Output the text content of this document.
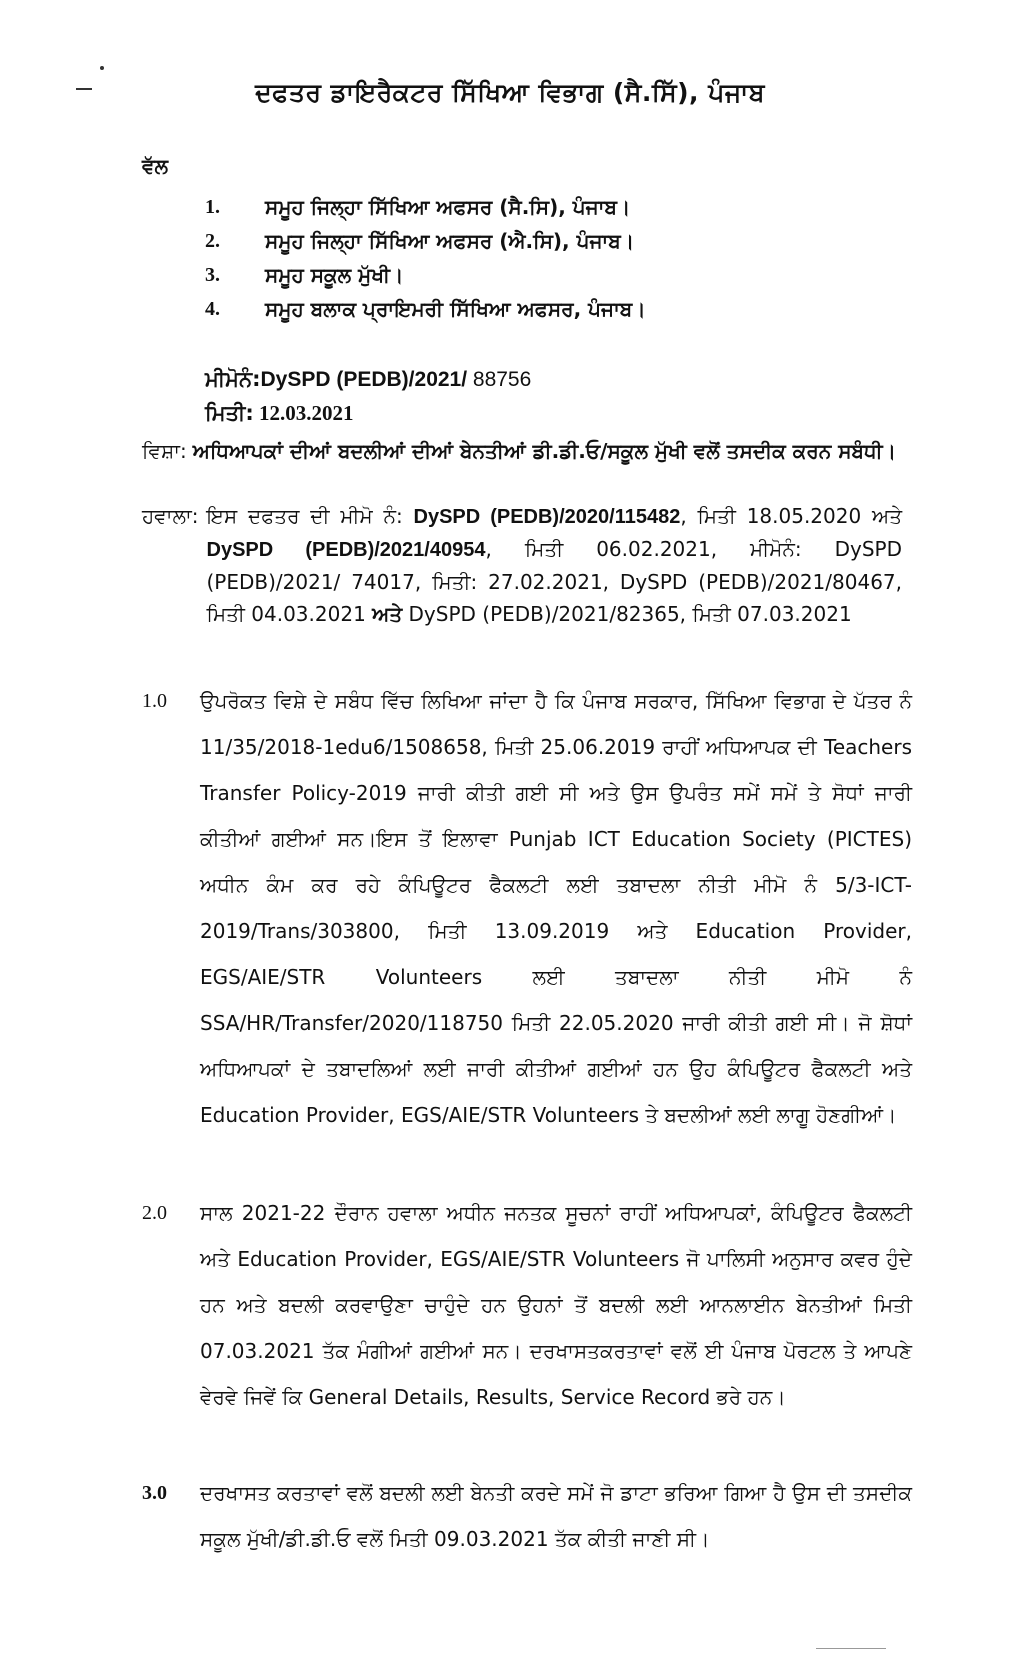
ਦਫਤਰ ਡਾਇਰੈਕਟਰ ਸਿੱਖਿਆ ਵਿਭਾਗ (ਸੈ.ਸਿੱ), ਪੰਜਾਬ
ਵੱਲ
1.	ਸਮੂਹ ਜਿਲ੍ਹਾ ਸਿੱਖਿਆ ਅਫਸਰ (ਸੈ.ਸਿ), ਪੰਜਾਬ।
2.	ਸਮੂਹ ਜਿਲ੍ਹਾ ਸਿੱਖਿਆ ਅਫਸਰ (ਐ.ਸਿ), ਪੰਜਾਬ।
3.	ਸਮੂਹ ਸਕੂਲ ਮੁੱਖੀ।
4.	ਸਮੂਹ ਬਲਾਕ ਪ੍ਰਾਇਮਰੀ ਸਿੱਖਿਆ ਅਫਸਰ, ਪੰਜਾਬ।
ਮੀਮੋਨੰ:DySPD (PEDB)/2021/ 88756
ਮਿਤੀ: 12.03.2021
ਵਿਸ਼ਾ: ਅਧਿਆਪਕਾਂ ਦੀਆਂ ਬਦਲੀਆਂ ਦੀਆਂ ਬੇਨਤੀਆਂ ਡੀ.ਡੀ.ਓ/ਸਕੂਲ ਮੁੱਖੀ ਵਲੋਂ ਤਸਦੀਕ ਕਰਨ ਸਬੰਧੀ।
ਹਵਾਲਾ: ਇਸ ਦਫਤਰ ਦੀ ਮੀਮੋ ਨੰ: DySPD (PEDB)/2020/115482, ਮਿਤੀ 18.05.2020 ਅਤੇ DySPD (PEDB)/2021/40954, ਮਿਤੀ 06.02.2021, ਮੀਮੋਨੰ: DySPD (PEDB)/2021/ 74017, ਮਿਤੀ: 27.02.2021, DySPD (PEDB)/2021/80467, ਮਿਤੀ 04.03.2021 ਅਤੇ DySPD (PEDB)/2021/82365, ਮਿਤੀ 07.03.2021
1.0	ਉਪਰੋਕਤ ਵਿਸ਼ੇ ਦੇ ਸਬੰਧ ਵਿੱਚ ਲਿਖਿਆ ਜਾਂਦਾ ਹੈ ਕਿ ਪੰਜਾਬ ਸਰਕਾਰ, ਸਿੱਖਿਆ ਵਿਭਾਗ ਦੇ ਪੱਤਰ ਨੰ 11/35/2018-1edu6/1508658, ਮਿਤੀ 25.06.2019 ਰਾਹੀਂ ਅਧਿਆਪਕ ਦੀ Teachers Transfer Policy-2019 ਜਾਰੀ ਕੀਤੀ ਗਈ ਸੀ ਅਤੇ ਉਸ ਉਪਰੰਤ ਸਮੇਂ ਸਮੇਂ ਤੇ ਸੋਧਾਂ ਜਾਰੀ ਕੀਤੀਆਂ ਗਈਆਂ ਸਨ।ਇਸ ਤੋਂ ਇਲਾਵਾ Punjab ICT Education Society (PICTES) ਅਧੀਨ ਕੰਮ ਕਰ ਰਹੇ ਕੰਪਿਊਟਰ ਫੈਕਲਟੀ ਲਈ ਤਬਾਦਲਾ ਨੀਤੀ ਮੀਮੋ ਨੰ 5/3-ICT-2019/Trans/303800, ਮਿਤੀ 13.09.2019 ਅਤੇ Education Provider, EGS/AIE/STR Volunteers ਲਈ ਤਬਾਦਲਾ ਨੀਤੀ ਮੀਮੋ ਨੰ SSA/HR/Transfer/2020/118750 ਮਿਤੀ 22.05.2020 ਜਾਰੀ ਕੀਤੀ ਗਈ ਸੀ। ਜੋ ਸ਼ੋਧਾਂ ਅਧਿਆਪਕਾਂ ਦੇ ਤਬਾਦਲਿਆਂ ਲਈ ਜਾਰੀ ਕੀਤੀਆਂ ਗਈਆਂ ਹਨ ਉਹ ਕੰਪਿਊਟਰ ਫੈਕਲਟੀ ਅਤੇ Education Provider, EGS/AIE/STR Volunteers ਤੇ ਬਦਲੀਆਂ ਲਈ ਲਾਗੂ ਹੋਣਗੀਆਂ।
2.0	ਸਾਲ 2021-22 ਦੌਰਾਨ ਹਵਾਲਾ ਅਧੀਨ ਜਨਤਕ ਸੂਚਨਾਂ ਰਾਹੀਂ ਅਧਿਆਪਕਾਂ, ਕੰਪਿਊਟਰ ਫੈਕਲਟੀ ਅਤੇ Education Provider, EGS/AIE/STR Volunteers ਜੋ ਪਾਲਿਸੀ ਅਨੁਸਾਰ ਕਵਰ ਹੁੰਦੇ ਹਨ ਅਤੇ ਬਦਲੀ ਕਰਵਾਉਣਾ ਚਾਹੁੰਦੇ ਹਨ ਉਹਨਾਂ ਤੋਂ ਬਦਲੀ ਲਈ ਆਨਲਾਈਨ ਬੇਨਤੀਆਂ ਮਿਤੀ 07.03.2021 ਤੱਕ ਮੰਗੀਆਂ ਗਈਆਂ ਸਨ। ਦਰਖਾਸਤਕਰਤਾਵਾਂ ਵਲੋਂ ਈ ਪੰਜਾਬ ਪੋਰਟਲ ਤੇ ਆਪਣੇ ਵੇਰਵੇ ਜਿਵੇਂ ਕਿ General Details, Results, Service Record ਭਰੇ ਹਨ।
3.0	ਦਰਖਾਸਤ ਕਰਤਾਵਾਂ ਵਲੋਂ ਬਦਲੀ ਲਈ ਬੇਨਤੀ ਕਰਦੇ ਸਮੇਂ ਜੋ ਡਾਟਾ ਭਰਿਆ ਗਿਆ ਹੈ ਉਸ ਦੀ ਤਸਦੀਕ ਸਕੂਲ ਮੁੱਖੀ/ਡੀ.ਡੀ.ਓ ਵਲੋਂ ਮਿਤੀ 09.03.2021 ਤੱਕ ਕੀਤੀ ਜਾਣੀ ਸੀ।
